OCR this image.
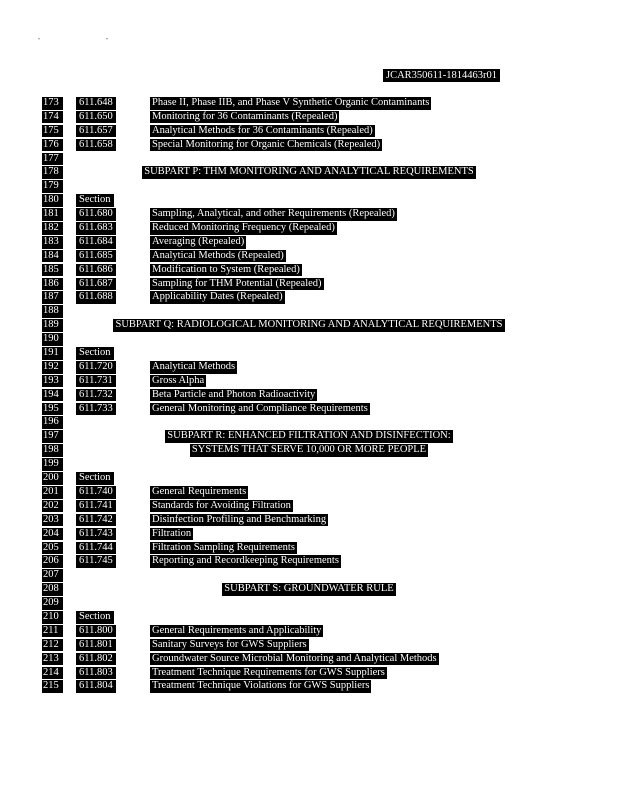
" "
JCAR350611-1814463r01
173	611.648	Phase II, Phase IIB, and Phase V Synthetic Organic Contaminants
174	611.650	Monitoring for 36 Contaminants (Repealed)
175	611.657	Analytical Methods for 36 Contaminants (Repealed)
176	611.658	Special Monitoring for Organic Chemicals (Repealed)
177
178	SUBPART P: THM MONITORING AND ANALYTICAL REQUIREMENTS
179
180	Section
181	611.680	Sampling, Analytical, and other Requirements (Repealed)
182	611.683	Reduced Monitoring Frequency (Repealed)
183	611.684	Averaging (Repealed)
184	611.685	Analytical Methods (Repealed)
185	611.686	Modification to System (Repealed)
186	611.687	Sampling for THM Potential (Repealed)
187	611.688	Applicability Dates (Repealed)
188
189	SUBPART Q: RADIOLOGICAL MONITORING AND ANALYTICAL REQUIREMENTS
190
191	Section
192	611.720	Analytical Methods
193	611.731	Gross Alpha
194	611.732	Beta Particle and Photon Radioactivity
195	611.733	General Monitoring and Compliance Requirements
196
197	SUBPART R: ENHANCED FILTRATION AND DISINFECTION:
198	SYSTEMS THAT SERVE 10,000 OR MORE PEOPLE
199
200	Section
201	611.740	General Requirements
202	611.741	Standards for Avoiding Filtration
203	611.742	Disinfection Profiling and Benchmarking
204	611.743	Filtration
205	611.744	Filtration Sampling Requirements
206	611.745	Reporting and Recordkeeping Requirements
207
208	SUBPART S: GROUNDWATER RULE
209
210	Section
211	611.800	General Requirements and Applicability
212	611.801	Sanitary Surveys for GWS Suppliers
213	611.802	Groundwater Source Microbial Monitoring and Analytical Methods
214	611.803	Treatment Technique Requirements for GWS Suppliers
215	611.804	Treatment Technique Violations for GWS Suppliers
